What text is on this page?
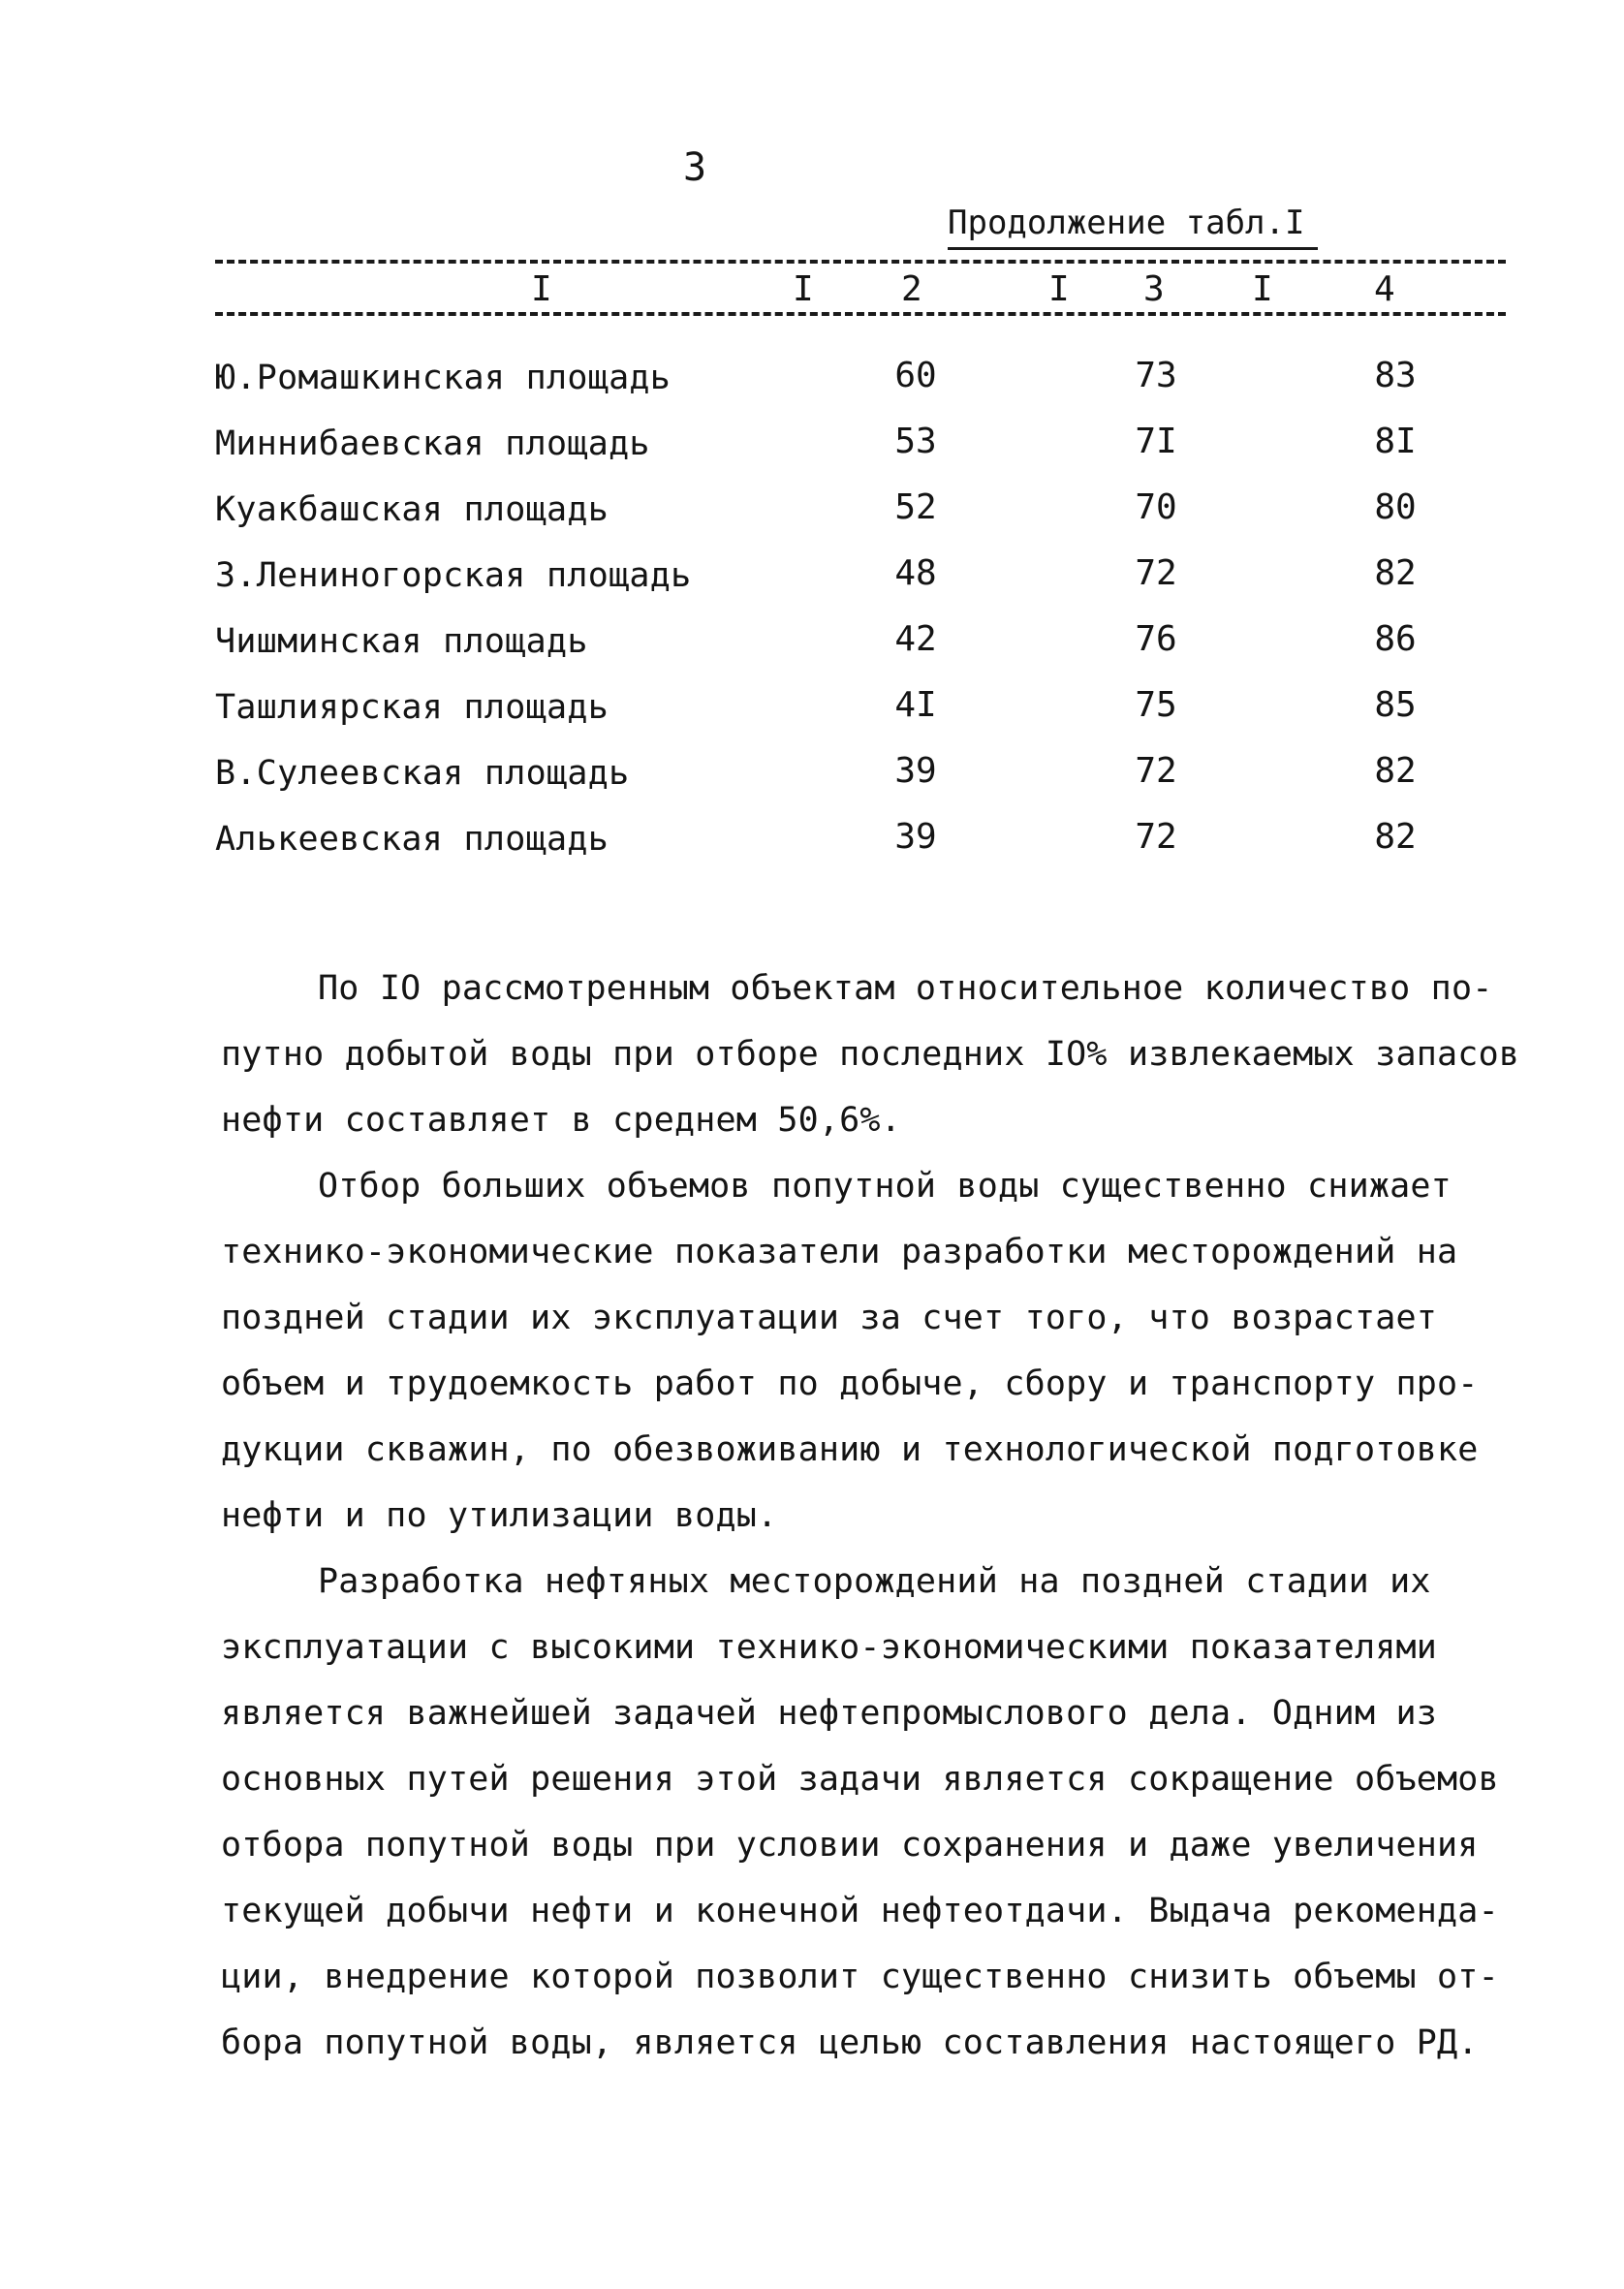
3
Продолжение табл.I
I	I	2	I 3	I	4
Ю.Ромашкинская площадь	60	73	83
Миннибаевская площадь	53	7I	8I
Куакбашская площадь	52	70	80
З.Лениногорская площадь	48	72	82
Чишминская площадь	42	76	86
Ташлиярская площадь	4I	75	85
В.Сулеевская площадь	39	72	82
Алькеевская площадь	39	72	82
По IO рассмотренным объектам относительное количество по-
путно добытой воды при отборе последних IO% извлекаемых запасов
нефти составляет в среднем 50,6%.
Отбор больших объемов попутной воды существенно снижает
технико-экономические показатели разработки месторождений на
поздней стадии их эксплуатации за счет того, что возрастает
объем и трудоемкость работ по добыче, сбору и транспорту про-
дукции скважин, по обезвоживанию и технологической подготовке
нефти и по утилизации воды.
Разработка нефтяных месторождений на поздней стадии их
эксплуатации с высокими технико-экономическими показателями
является важнейшей задачей нефтепромыслового дела. Одним из
основных путей решения этой задачи является сокращение объемов
отбора попутной воды при условии сохранения и даже увеличения
текущей добычи нефти и конечной нефтеотдачи. Выдача рекоменда-
ции, внедрение которой позволит существенно снизить объемы от-
бора попутной воды, является целью составления настоящего РД.
